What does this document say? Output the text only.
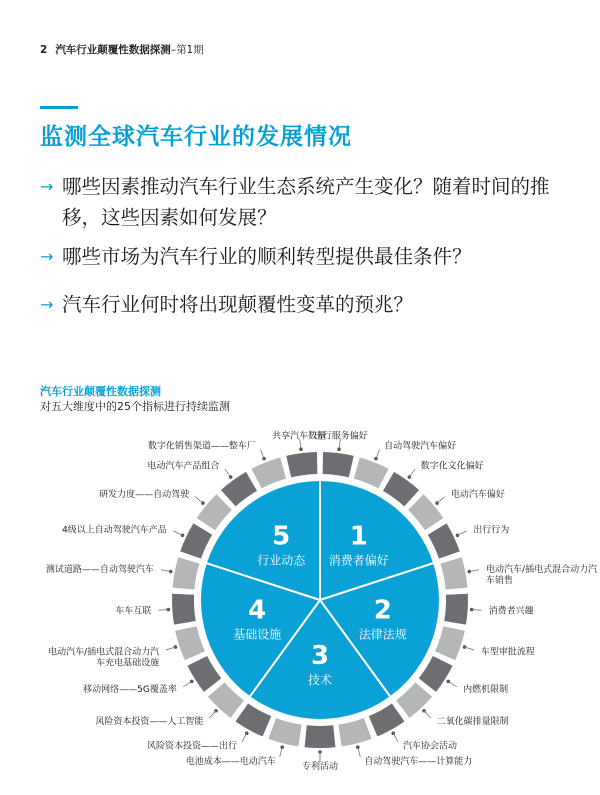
2 汽车行业颠覆性数据探测–第1期
监测全球汽车行业的发展情况
→ 哪些因素推动汽车行业生态系统产生变化？随着时间的推移，这些因素如何发展？
→ 哪些市场为汽车行业的顺利转型提供最佳条件？
→ 汽车行业何时将出现颠覆性变革的预兆？
汽车行业颠覆性数据探测
对五大维度中的25个指标进行持续监测
1
消费者偏好
2
法律法规
3
技术
4
基础设施
5
行业动态
出行服务偏好
自动驾驶汽车偏好
数字化文化偏好
电动汽车偏好
出行行为
电动汽车/插电式混合动力汽车销售
消费者兴趣
车型审批流程
内燃机限制
二氧化碳排量限制
汽车协会活动
自动驾驶汽车——计算能力
专利活动
电池成本——电动汽车
风险资本投资——出行
风险资本投资——人工智能
移动网络——5G覆盖率
电动汽车/插电式混合动力汽车充电基础设施
车车互联
测试道路——自动驾驶汽车
4级以上自动驾驶汽车产品
研发力度——自动驾驶
电动汽车产品组合
数字化销售渠道——整车厂
共享汽车数量
